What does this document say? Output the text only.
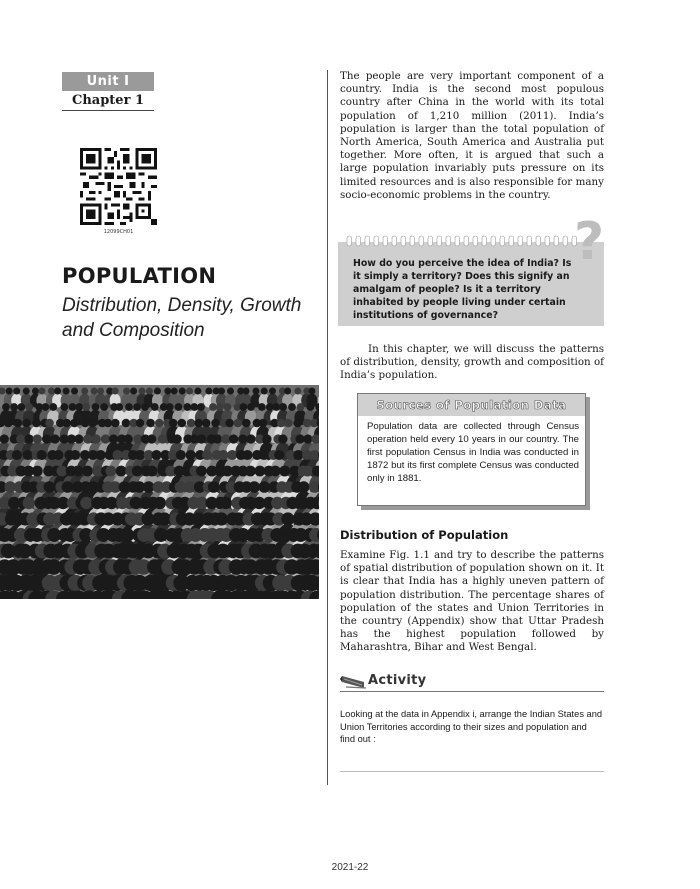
Unit I
Chapter 1
12099CH01
POPULATION
Distribution, Density, Growth and Composition
The people are very important component of a country. India is the second most populous country after China in the world with its total population of 1,210 million (2011). India’s population is larger than the total population of North America, South America and Australia put together. More often, it is argued that such a large population invariably puts pressure on its limited resources and is also responsible for many socio-economic problems in the country.
?
How do you perceive the idea of India? Is it simply a territory? Does this signify an amalgam of people? Is it a territory inhabited by people living under certain institutions of governance?
In this chapter, we will discuss the patterns of distribution, density, growth and composition of India’s population.
Sources of Population Data
Population data are collected through Census operation held every 10 years in our country. The first population Census in India was conducted in 1872 but its first complete Census was conducted only in 1881.
Distribution of Population
Examine Fig. 1.1 and try to describe the patterns of spatial distribution of population shown on it. It is clear that India has a highly uneven pattern of population distribution. The percentage shares of population of the states and Union Territories in the country (Appendix) show that Uttar Pradesh has the highest population followed by Maharashtra, Bihar and West Bengal.
Activity
Looking at the data in Appendix i, arrange the Indian States and Union Territories according to their sizes and population and find out :
2021-22
